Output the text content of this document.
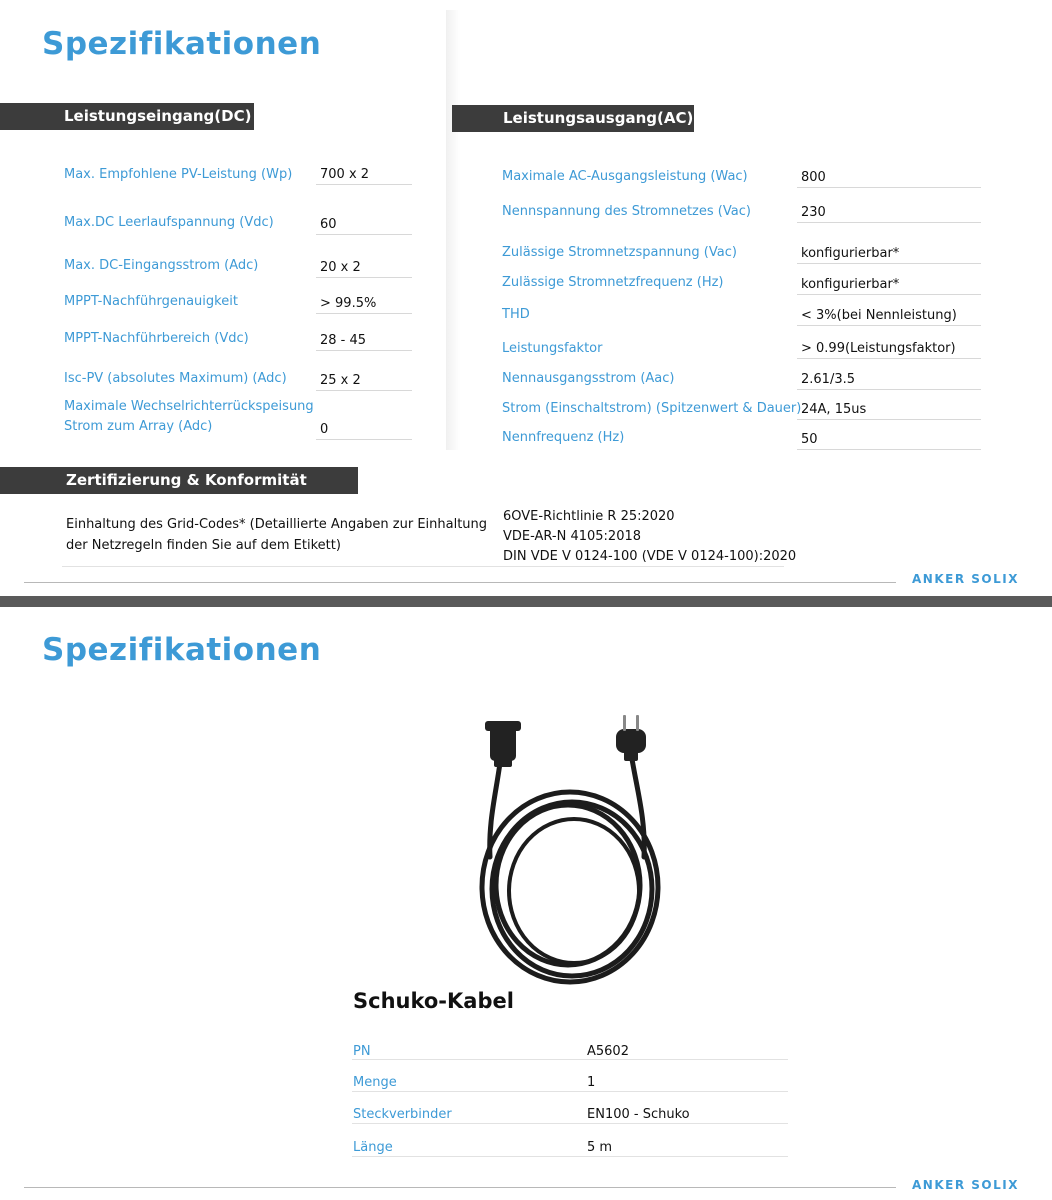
Spezifikationen
Leistungseingang(DC)
Max. Empfohlene PV-Leistung (Wp) 700 x 2
Max.DC Leerlaufspannung (Vdc)	60
Max. DC-Eingangsstrom (Adc)	20 x 2
MPPT-Nachführgenauigkeit	> 99.5%
MPPT-Nachführbereich (Vdc)	28 - 45
Isc-PV (absolutes Maximum) (Adc)	25 x 2
Maximale Wechselrichterrückspeisung Strom zum Array (Adc)	0
Leistungsausgang(AC)
Maximale AC-Ausgangsleistung (Wac)	800
Nennspannung des Stromnetzes (Vac)	230
Zulässige Stromnetzspannung (Vac)	konfigurierbar*
Zulässige Stromnetzfrequenz (Hz)	konfigurierbar*
THD	< 3%(bei Nennleistung)
Leistungsfaktor	> 0.99(Leistungsfaktor)
Nennausgangsstrom (Aac)	2.61/3.5
Strom (Einschaltstrom) (Spitzenwert & Dauer) 24A, 15us
Nennfrequenz (Hz)	50
Zertifizierung & Konformität
Einhaltung des Grid-Codes* (Detaillierte Angaben zur Einhaltung der Netzregeln finden Sie auf dem Etikett)
6OVE-Richtlinie R 25:2020
VDE-AR-N 4105:2018
DIN VDE V 0124-100 (VDE V 0124-100):2020
ANKER SOLIX
Spezifikationen
Schuko-Kabel
PN	A5602
Menge	1
Steckverbinder	EN100 - Schuko
Länge	5 m
ANKER SOLIX
